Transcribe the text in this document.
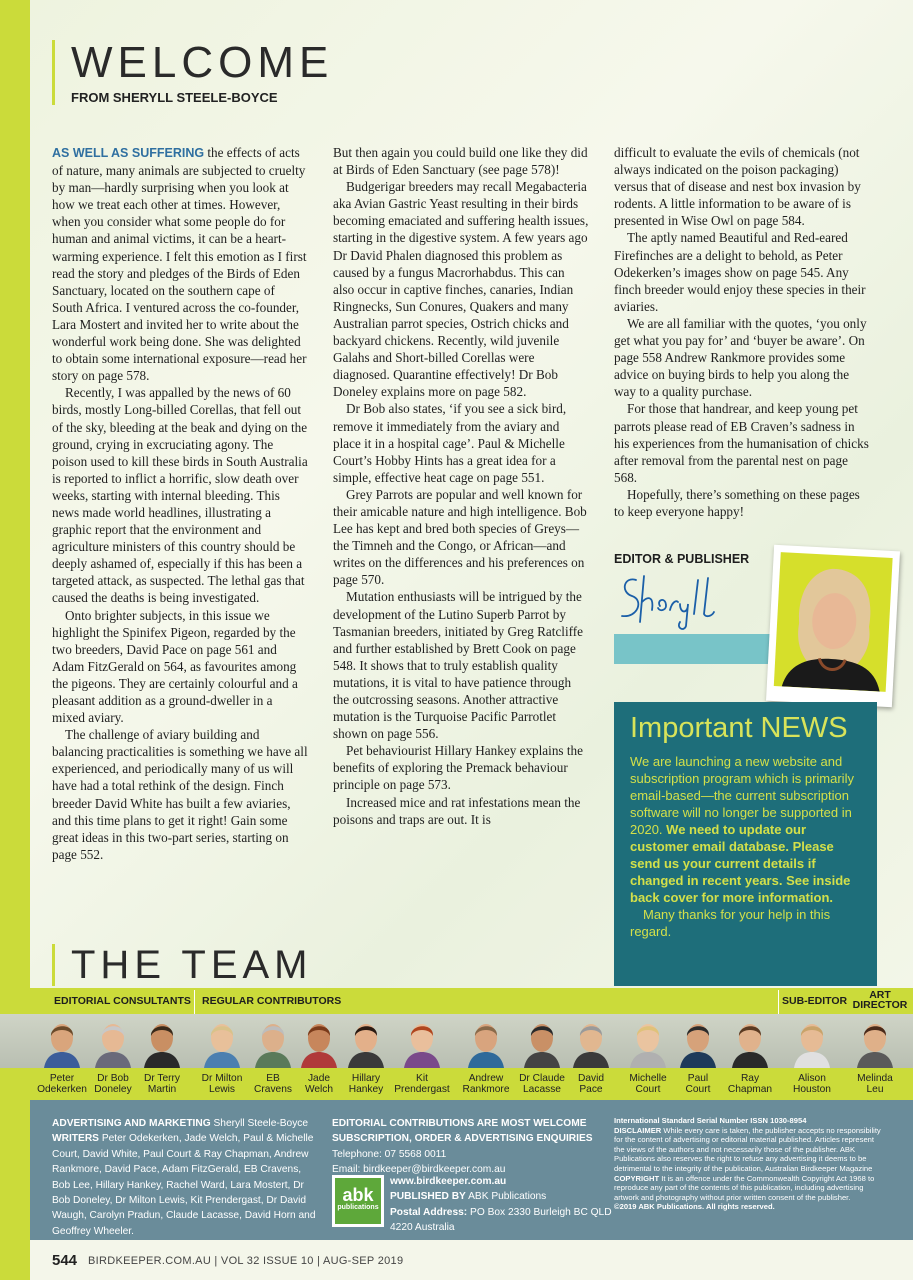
WELCOME
FROM SHERYLL STEELE-BOYCE

AS WELL AS SUFFERING the effects of acts of nature, many animals are subjected to cruelty by man—hardly surprising when you look at how we treat each other at times. However, when you consider what some people do for human and animal victims, it can be a heart-warming experience. I felt this emotion as I first read the story and pledges of the Birds of Eden Sanctuary, located on the southern cape of South Africa. I ventured across the co-founder, Lara Mostert and invited her to write about the wonderful work being done. She was delighted to obtain some international exposure—read her story on page 578.

Recently, I was appalled by the news of 60 birds, mostly Long-billed Corellas, that fell out of the sky, bleeding at the beak and dying on the ground, crying in excruciating agony. The poison used to kill these birds in South Australia is reported to inflict a horrific, slow death over weeks, starting with internal bleeding. This news made world headlines, illustrating a graphic report that the environment and agriculture ministers of this country should be deeply ashamed of, especially if this has been a targeted attack, as suspected. The lethal gas that caused the deaths is being investigated.

Onto brighter subjects, in this issue we highlight the Spinifex Pigeon, regarded by the two breeders, David Pace on page 561 and Adam FitzGerald on 564, as favourites among the pigeons. They are certainly colourful and a pleasant addition as a ground-dweller in a mixed aviary.

The challenge of aviary building and balancing practicalities is something we have all experienced, and periodically many of us will have had a total rethink of the design. Finch breeder David White has built a few aviaries, and this time plans to get it right! Gain some great ideas in this two-part series, starting on page 552.

But then again you could build one like they did at Birds of Eden Sanctuary (see page 578)!

Budgerigar breeders may recall Megabacteria aka Avian Gastric Yeast resulting in their birds becoming emaciated and suffering health issues, starting in the digestive system. A few years ago Dr David Phalen diagnosed this problem as caused by a fungus Macrorhabdus. This can also occur in captive finches, canaries, Indian Ringnecks, Sun Conures, Quakers and many Australian parrot species, Ostrich chicks and backyard chickens. Recently, wild juvenile Galahs and Short-billed Corellas were diagnosed. Quarantine effectively! Dr Bob Doneley explains more on page 582.

Dr Bob also states, ‘if you see a sick bird, remove it immediately from the aviary and place it in a hospital cage’. Paul & Michelle Court’s Hobby Hints has a great idea for a simple, effective heat cage on page 551.

Grey Parrots are popular and well known for their amicable nature and high intelligence. Bob Lee has kept and bred both species of Greys—the Timneh and the Congo, or African—and writes on the differences and his preferences on page 570.

Mutation enthusiasts will be intrigued by the development of the Lutino Superb Parrot by Tasmanian breeders, initiated by Greg Ratcliffe and further established by Brett Cook on page 548. It shows that to truly establish quality mutations, it is vital to have patience through the outcrossing seasons. Another attractive mutation is the Turquoise Pacific Parrotlet shown on page 556.

Pet behaviourist Hillary Hankey explains the benefits of exploring the Premack behaviour principle on page 573.

Increased mice and rat infestations mean the poisons and traps are out. It is

difficult to evaluate the evils of chemicals (not always indicated on the poison packaging) versus that of disease and nest box invasion by rodents. A little information to be aware of is presented in Wise Owl on page 584.

The aptly named Beautiful and Red-eared Firefinches are a delight to behold, as Peter Odekerken’s images show on page 545. Any finch breeder would enjoy these species in their aviaries.

We are all familiar with the quotes, ‘you only get what you pay for’ and ‘buyer be aware’. On page 558 Andrew Rankmore provides some advice on buying birds to help you along the way to a quality purchase.

For those that handrear, and keep young pet parrots please read of EB Craven’s sadness in his experiences from the humanisation of chicks after removal from the parental nest on page 568.

Hopefully, there’s something on these pages to keep everyone happy!

EDITOR & PUBLISHER
Important NEWS

We are launching a new website and subscription program which is primarily email-based—the current subscription software will no longer be supported in 2020. We need to update our customer email database. Please send us your current details if changed in recent years. See inside back cover for more information.

Many thanks for your help in this regard.

THE TEAM
EDITORIAL CONSULTANTS REGULAR CONTRIBUTORS	SUB-EDITOR	ART DIRECTOR
Peter
Odekerken
Dr Bob
Doneley
Dr Terry
Martin
Dr Milton
Lewis
EB
Cravens
Jade
Welch
Hillary
Hankey
Kit
Prendergast
Andrew
Rankmore
Dr Claude
Lacasse
David
Pace
Michelle
Court
Paul
Court
Ray
Chapman
Alison
Houston
Melinda
Leu
ADVERTISING AND MARKETING Sheryll Steele-Boyce
WRITERS Peter Odekerken, Jade Welch, Paul & Michelle Court, David White, Paul Court & Ray Chapman, Andrew Rankmore, David Pace, Adam FitzGerald, EB Cravens, Bob Lee, Hillary Hankey, Rachel Ward, Lara Mostert, Dr Bob Doneley, Dr Milton Lewis, Kit Prendergast, Dr David Waugh, Carolyn Pradun, Claude Lacasse, David Horn and Geoffrey Wheeler.
EDITORIAL CONTRIBUTIONS ARE MOST WELCOME
SUBSCRIPTION, ORDER & ADVERTISING ENQUIRIES
Telephone: 07 5568 0011
Email: birdkeeper@birdkeeper.com.au
abk
publications
www.birdkeeper.com.au
PUBLISHED BY ABK Publications
Postal Address: PO Box 2330 Burleigh BC QLD 4220 Australia
International Standard Serial Number ISSN 1030-8954
DISCLAIMER While every care is taken, the publisher accepts no responsibility for the content of advertising or editorial material published. Articles represent the views of the authors and not necessarily those of the publisher. ABK Publications also reserves the right to refuse any advertising it deems to be detrimental to the integrity of the publication, Australian Birdkeeper Magazine
COPYRIGHT It is an offence under the Commonwealth Copyright Act 1968 to reproduce any part of the contents of this publication, including advertising artwork and photography without prior written consent of the publisher.
©2019 ABK Publications. All rights reserved.
544 BIRDKEEPER.COM.AU | VOL 32 ISSUE 10 | AUG-SEP 2019
